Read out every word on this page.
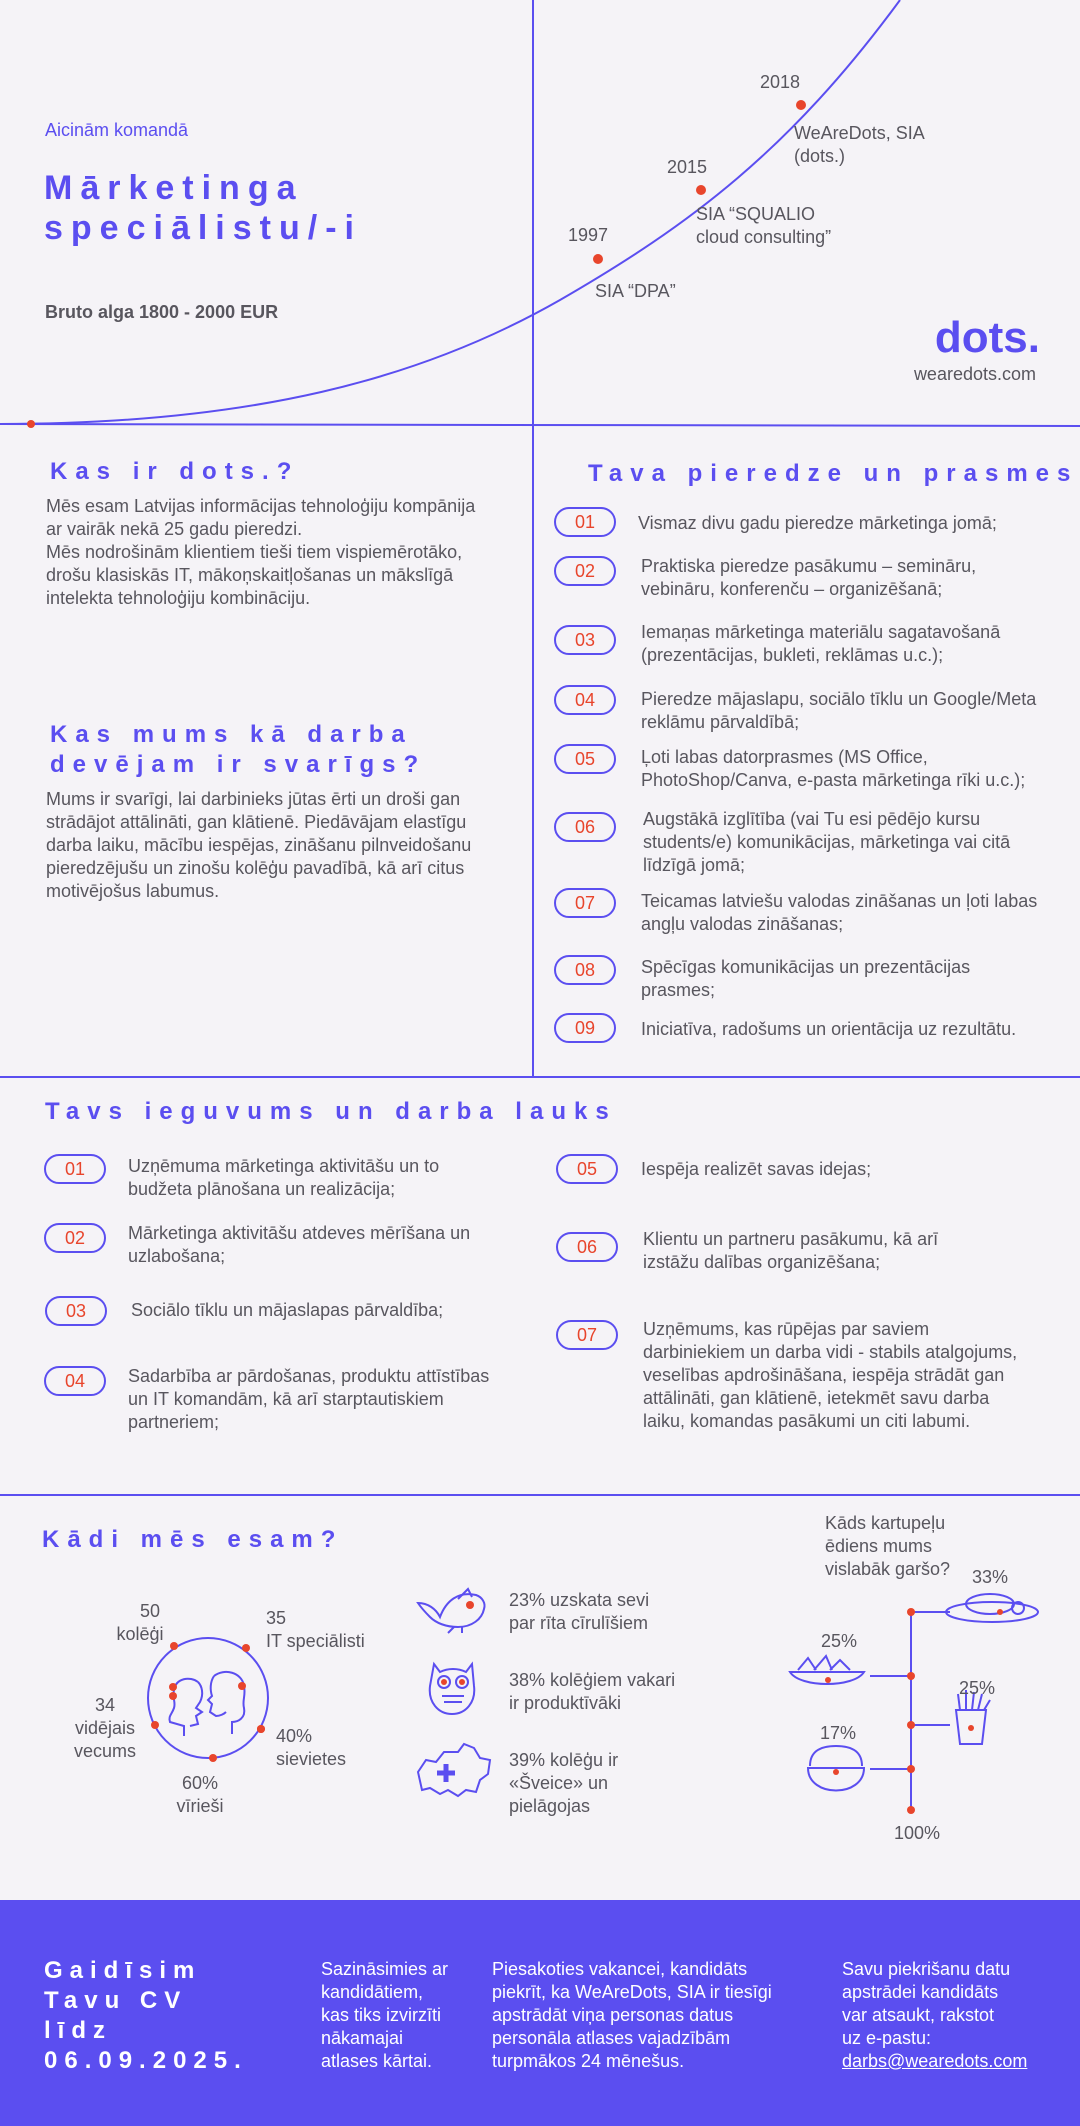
Aicinām komandā
Mārketinga
speciālistu/-i
Bruto alga 1800 - 2000 EUR
1997
SIA “DPA”
2015
SIA “SQUALIO
cloud consulting”
2018
WeAreDots, SIA
(dots.)
dots.
wearedots.com
Kas ir dots.?
Mēs esam Latvijas informācijas tehnoloģiju kompānija
ar vairāk nekā 25 gadu pieredzi.
Mēs nodrošinām klientiem tieši tiem vispiemērotāko,
drošu klasiskās IT, mākoņskaitļošanas un mākslīgā
intelekta tehnoloģiju kombināciju.
Kas mums kā darba
devējam ir svarīgs?
Mums ir svarīgi, lai darbinieks jūtas ērti un droši gan
strādājot attālināti, gan klātienē. Piedāvājam elastīgu
darba laiku, mācību iespējas, zināšanu pilnveidošanu
pieredzējušu un zinošu kolēģu pavadībā, kā arī citus
motivējošus labumus.
Tava pieredze un prasmes
01	Vismaz divu gadu pieredze mārketinga jomā;
02	Praktiska pieredze pasākumu – semināru,
vebināru, konferenču – organizēšanā;
03	Iemaņas mārketinga materiālu sagatavošanā
(prezentācijas, bukleti, reklāmas u.c.);
04	Pieredze mājaslapu, sociālo tīklu un Google/Meta
reklāmu pārvaldībā;
05	Ļoti labas datorprasmes (MS Office,
PhotoShop/Canva, e-pasta mārketinga rīki u.c.);
06	Augstākā izglītība (vai Tu esi pēdējo kursu
students/e) komunikācijas, mārketinga vai citā
līdzīgā jomā;
07	Teicamas latviešu valodas zināšanas un ļoti labas
angļu valodas zināšanas;
08	Spēcīgas komunikācijas un prezentācijas
prasmes;
09	Iniciatīva, radošums un orientācija uz rezultātu.
Tavs ieguvums un darba lauks
01	Uzņēmuma mārketinga aktivitāšu un to
budžeta plānošana un realizācija;
02	Mārketinga aktivitāšu atdeves mērīšana un
uzlabošana;
03	Sociālo tīklu un mājaslapas pārvaldība;
04	Sadarbība ar pārdošanas, produktu attīstības
un IT komandām, kā arī starptautiskiem
partneriem;
05	Iespēja realizēt savas idejas;
06	Klientu un partneru pasākumu, kā arī
izstāžu dalības organizēšana;
07	Uzņēmums, kas rūpējas par saviem
darbiniekiem un darba vidi - stabils atalgojums,
veselības apdrošināšana, iespēja strādāt gan
attālināti, gan klātienē, ietekmēt savu darba
laiku, komandas pasākumi un citi labumi.
Kādi mēs esam?
50
kolēģi
35
IT speciālisti
34
vidējais
vecums
40%
sievietes
60%
vīrieši
23% uzskata sevi
par rīta cīrulīšiem
38% kolēģiem vakari
ir produktīvāki
39% kolēģu ir
«Šveice» un
pielāgojas
Kāds kartupeļu
ēdiens mums
vislabāk garšo? 33%
25%
25%
17%
100%
Gaidīsim
Tavu CV
līdz
06.09.2025.
Sazināsimies ar
kandidātiem,
kas tiks izvirzīti
nākamajai
atlases kārtai.
Piesakoties vakancei, kandidāts
piekrīt, ka WeAreDots, SIA ir tiesīgi
apstrādāt viņa personas datus
personāla atlases vajadzībām
turpmākos 24 mēnešus.
Savu piekrišanu datu
apstrādei kandidāts
var atsaukt, rakstot
uz e-pastu:
darbs@wearedots.com
